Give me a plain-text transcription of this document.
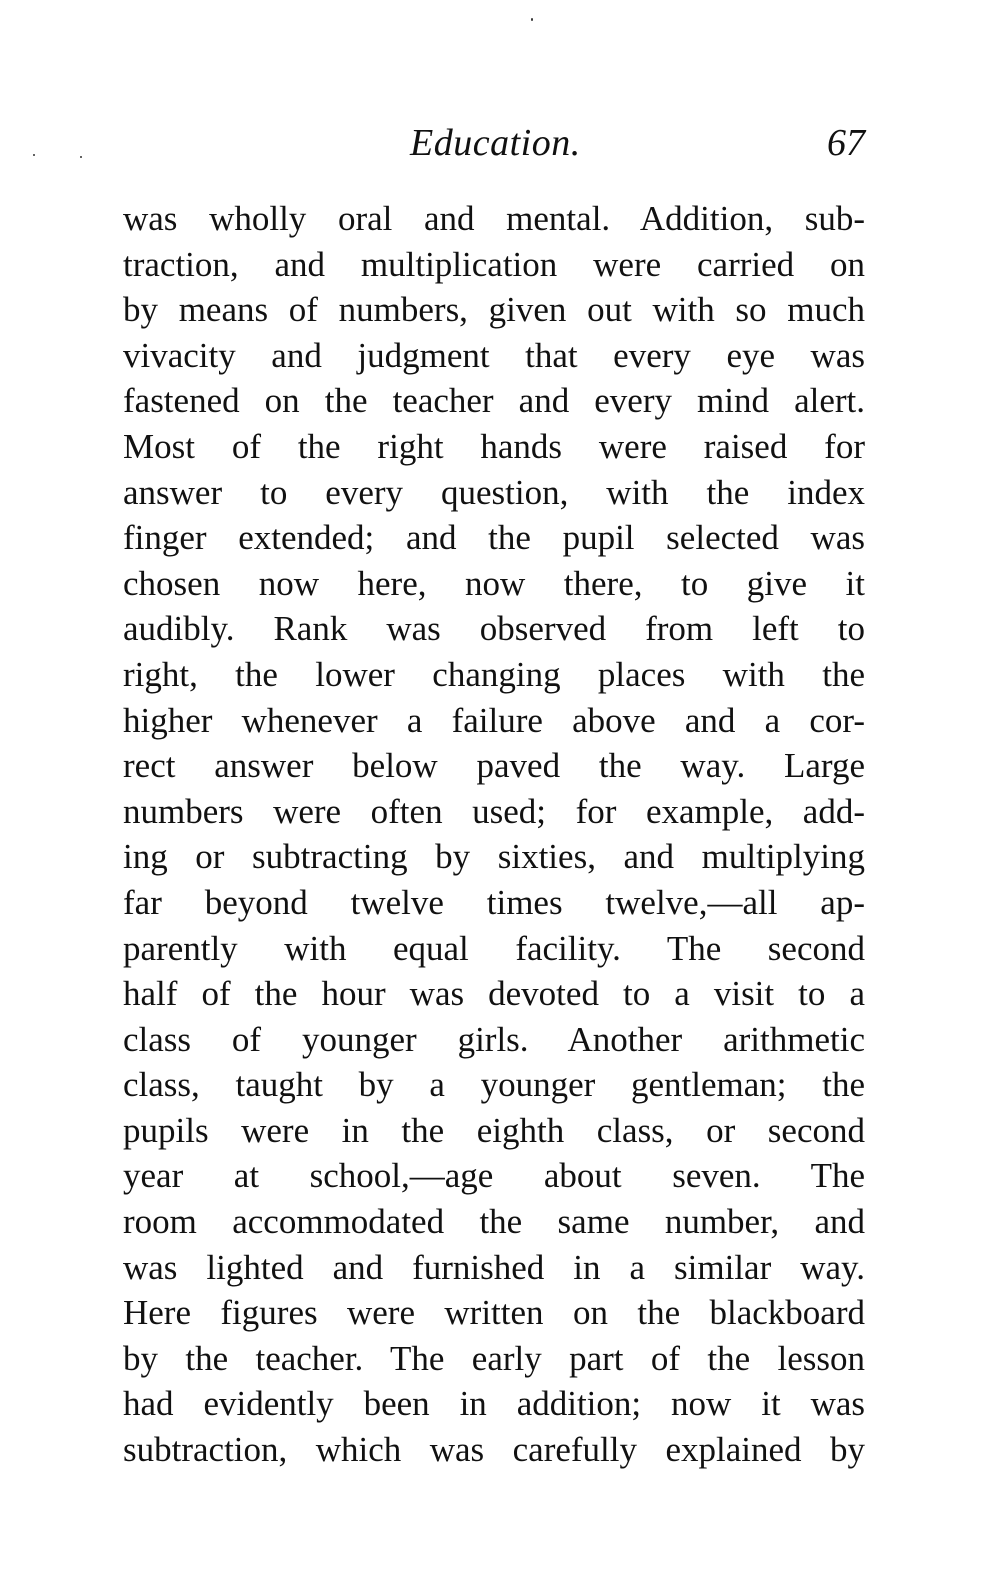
Education.	67
was wholly oral and mental. Addition, sub-
traction, and multiplication were carried on
by means of numbers, given out with so much
vivacity and judgment that every eye was
fastened on the teacher and every mind alert.
Most of the right hands were raised for
answer to every question, with the index
finger extended; and the pupil selected was
chosen now here, now there, to give it
audibly. Rank was observed from left to
right, the lower changing places with the
higher whenever a failure above and a cor-
rect answer below paved the way. Large
numbers were often used; for example, add-
ing or subtracting by sixties, and multiplying
far beyond twelve times twelve,—all ap-
parently with equal facility. The second
half of the hour was devoted to a visit to a
class of younger girls. Another arithmetic
class, taught by a younger gentleman; the
pupils were in the eighth class, or second
year at school,—age about seven. The
room accommodated the same number, and
was lighted and furnished in a similar way.
Here figures were written on the blackboard
by the teacher. The early part of the lesson
had evidently been in addition; now it was
subtraction, which was carefully explained by
